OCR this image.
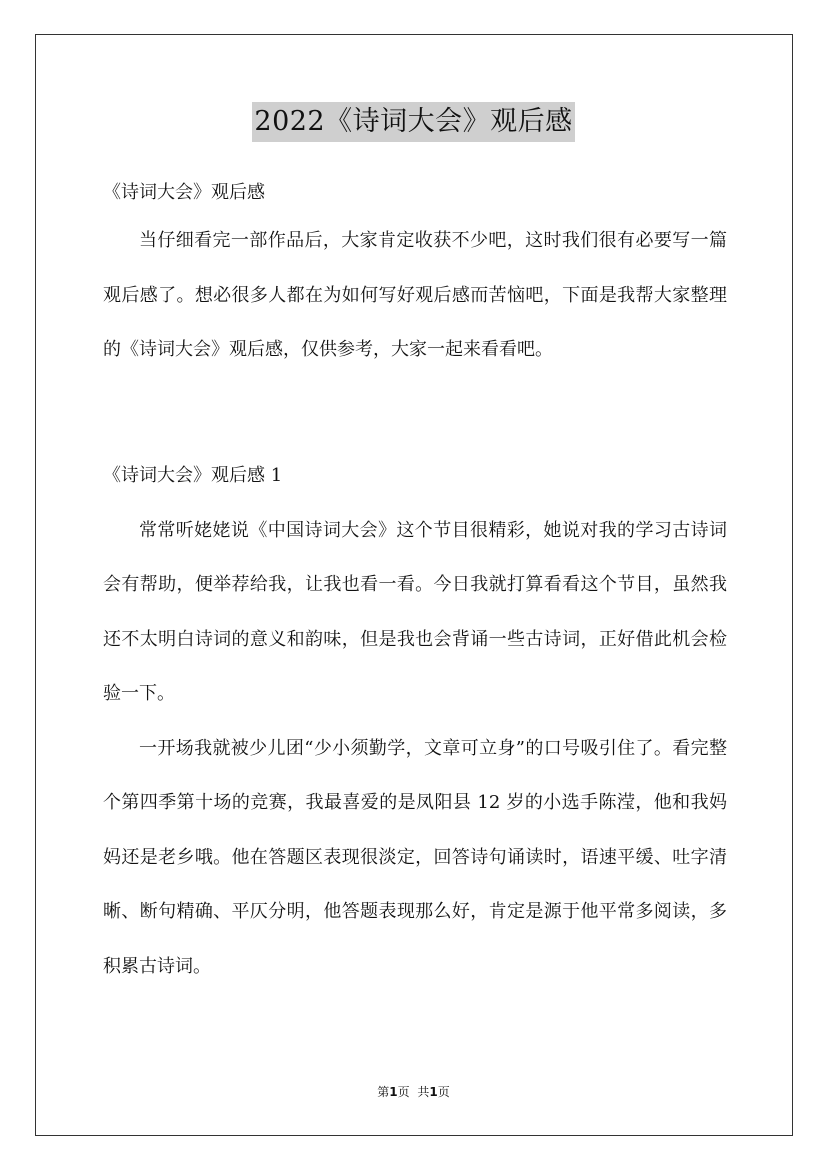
2022《诗词大会》观后感

《诗词大会》观后感

当仔细看完一部作品后，大家肯定收获不少吧，这时我们很有必要写一篇观后感了。想必很多人都在为如何写好观后感而苦恼吧，下面是我帮大家整理的《诗词大会》观后感，仅供参考，大家一起来看看吧。

《诗词大会》观后感 1

常常听姥姥说《中国诗词大会》这个节目很精彩，她说对我的学习古诗词会有帮助，便举荐给我，让我也看一看。今日我就打算看看这个节目，虽然我还不太明白诗词的意义和韵味，但是我也会背诵一些古诗词，正好借此机会检验一下。

一开场我就被少儿团“少小须勤学，文章可立身”的口号吸引住了。看完整个第四季第十场的竞赛，我最喜爱的是凤阳县 12 岁的小选手陈滢，他和我妈妈还是老乡哦。他在答题区表现很淡定，回答诗句诵读时，语速平缓、吐字清晰、断句精确、平仄分明，他答题表现那么好，肯定是源于他平常多阅读，多积累古诗词。

第1页 共1页
